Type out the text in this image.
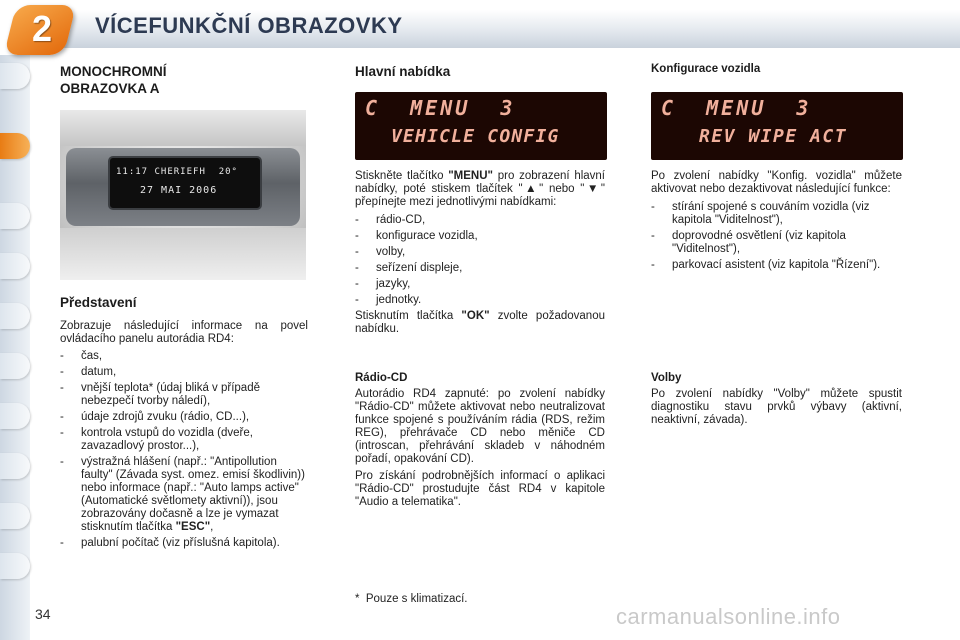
2	VÍCEFUNKČNÍ OBRAZOVKY
MONOCHROMNÍ OBRAZOVKA A
11:17 CHERIEFH  20°
27 MAI 2006
Představení

Zobrazuje následující informace na povel ovládacího panelu autorádia RD4:

- čas,

- datum,

- vnější teplota* (údaj bliká v případě nebezpečí tvorby náledí),

- údaje zdrojů zvuku (rádio, CD...),

- kontrola vstupů do vozidla (dveře, zavazadlový prostor...),

- výstražná hlášení (např.: "Antipollution faulty" (Závada syst. omez. emisí škodlivin)) nebo informace (např.: "Auto lamps active" (Automatické světlomety aktivní)), jsou zobrazovány dočasně a lze je vymazat stisknutím tlačítka "ESC",

- palubní počítač (viz příslušná kapitola).

Hlavní nabídka
C  MENU  3
VEHICLE CONFIG

Stiskněte tlačítko "MENU" pro zobrazení hlavní nabídky, poté stiskem tlačítek "▲" nebo "▼" přepínejte mezi jednotlivými nabídkami:

- rádio-CD,

- konfigurace vozidla,

- volby,

- seřízení displeje,

- jazyky,

- jednotky.

Stisknutím tlačítka "OK" zvolte požadovanou nabídku.

Rádio-CD

Autorádio RD4 zapnuté: po zvolení nabídky "Rádio-CD" můžete aktivovat nebo neutralizovat funkce spojené s používáním rádia (RDS, režim REG), přehrávače CD nebo měniče CD (introscan, přehrávání skladeb v náhodném pořadí, opakování CD).

Pro získání podrobnějších informací o aplikaci "Rádio-CD" prostudujte část RD4 v kapitole "Audio a telematika".

*  Pouze s klimatizací.
Konfigurace vozidla
C  MENU  3
REV WIPE ACT

Po zvolení nabídky "Konfig. vozidla" můžete aktivovat nebo dezaktivovat následující funkce:

- stírání spojené s couváním vozidla (viz kapitola "Viditelnost"),

- doprovodné osvětlení (viz kapitola "Viditelnost"),

- parkovací asistent (viz kapitola "Řízení").

Volby

Po zvolení nabídky "Volby" můžete spustit diagnostiku stavu prvků výbavy (aktivní, neaktivní, závada).

34	carmanualsonline.info
